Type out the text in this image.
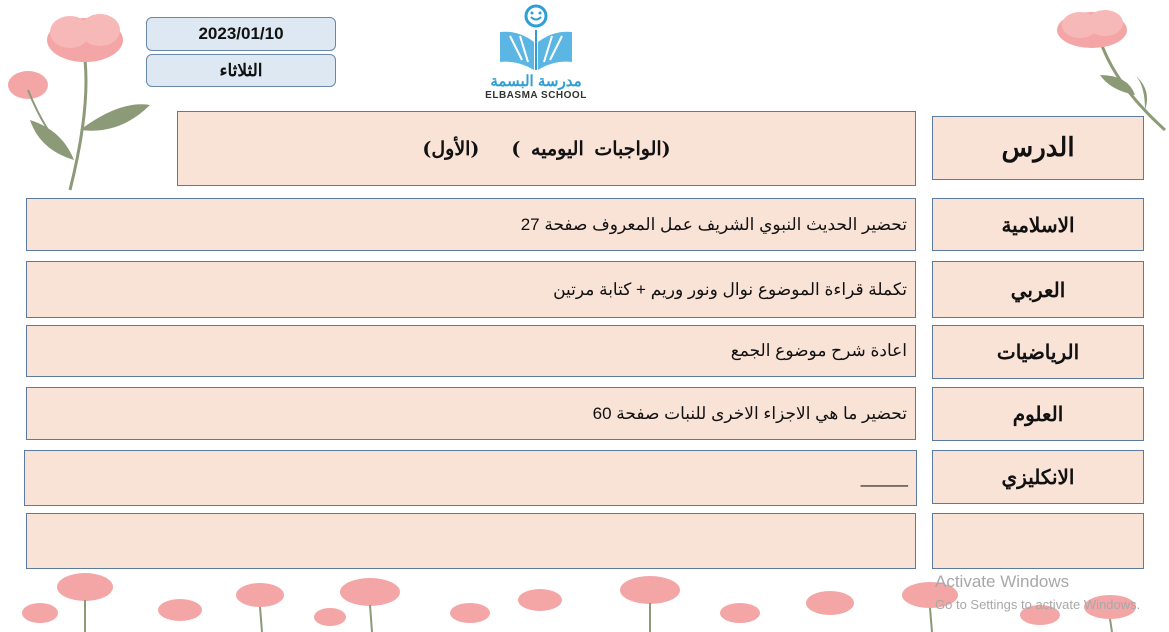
2023/01/10
الثلاثاء
مدرسة البسمة
ELBASMA SCHOOL
(الواجبات اليوميه )
(الأول)	الدرس
تحضير الحديث النبوي الشريف عمل المعروف صفحة 27	الاسلامية
تكملة قراءة الموضوع نوال ونور وريم + كتابة مرتين	العربي
اعادة شرح موضوع الجمع	الرياضيات
تحضير ما هي الاجزاء الاخرى للنبات صفحة 60	العلوم
_____	الانكليزي
Activate Windows
Go to Settings to activate Windows.
